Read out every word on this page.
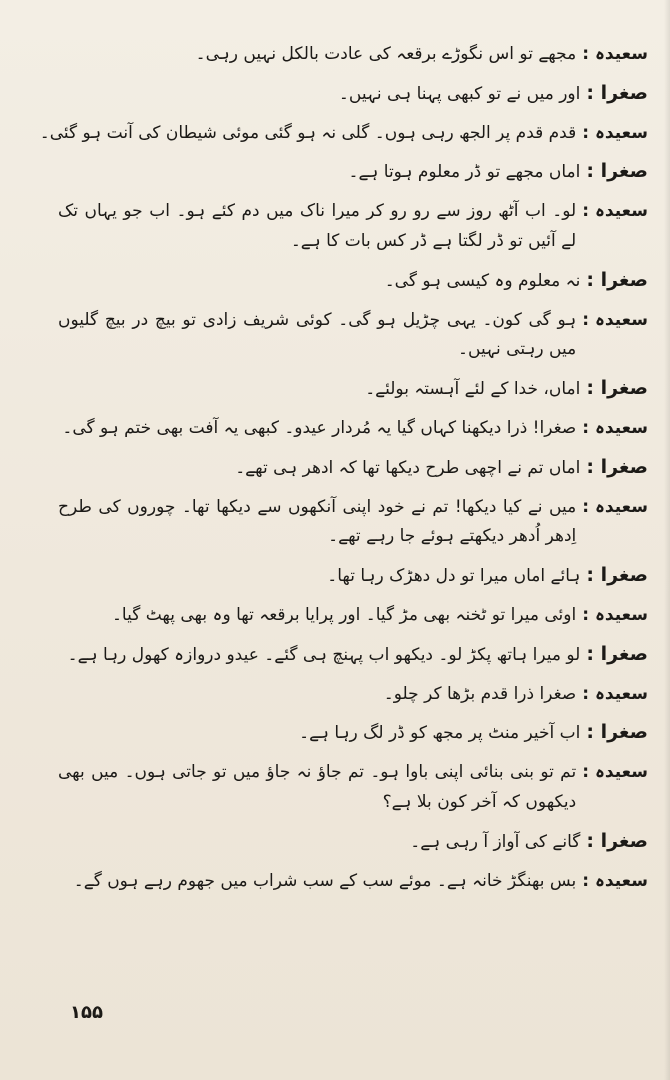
سعیدہ :
مجھے تو اس نگوڑے برقعہ کی عادت بالکل نہیں رہی۔
صغرا :
اور میں نے تو کبھی پہنا ہی نہیں۔
سعیدہ :
قدم قدم پر الجھ رہی ہوں۔ گلی نہ ہو گئی موئی شیطان کی آنت ہو گئی۔
صغرا :
اماں مجھے تو ڈر معلوم ہوتا ہے۔
سعیدہ :
لو۔ اب آٹھ روز سے رو رو کر میرا ناک میں دم کئے ہو۔ اب جو یہاں تک لے آئیں تو ڈر لگتا ہے ڈر کس بات کا ہے۔
صغرا :
نہ معلوم وہ کیسی ہو گی۔
سعیدہ :
ہو گی کون۔ یہی چڑیل ہو گی۔ کوئی شریف زادی تو بیچ در بیچ گلیوں میں رہتی نہیں۔
صغرا :
اماں، خدا کے لئے آہستہ بولئے۔
سعیدہ :
صغرا! ذرا دیکھنا کہاں گیا یہ مُردار عیدو۔ کبھی یہ آفت بھی ختم ہو گی۔
صغرا :
اماں تم نے اچھی طرح دیکھا تھا کہ ادھر ہی تھے۔
سعیدہ :
میں نے کیا دیکھا! تم نے خود اپنی آنکھوں سے دیکھا تھا۔ چوروں کی طرح اِدھر اُدھر دیکھتے ہوئے جا رہے تھے۔
صغرا :
ہائے اماں میرا تو دل دھڑک رہا تھا۔
سعیدہ :
اوئی میرا تو ٹخنہ بھی مڑ گیا۔ اور پرایا برقعہ تھا وہ بھی پھٹ گیا۔
صغرا :
لو میرا ہاتھ پکڑ لو۔ دیکھو اب پہنچ ہی گئے۔ عیدو دروازہ کھول رہا ہے۔
سعیدہ :
صغرا ذرا قدم بڑھا کر چلو۔
صغرا :
اب آخیر منٹ پر مجھ کو ڈر لگ رہا ہے۔
سعیدہ :
تم تو بنی بنائی اپنی باوا ہو۔ تم جاؤ نہ جاؤ میں تو جاتی ہوں۔ میں بھی دیکھوں کہ آخر کون بلا ہے؟
صغرا :
گانے کی آواز آ رہی ہے۔
سعیدہ :
بس بھنگڑ خانہ ہے۔ موئے سب کے سب شراب میں جھوم رہے ہوں گے۔
۱۵۵
